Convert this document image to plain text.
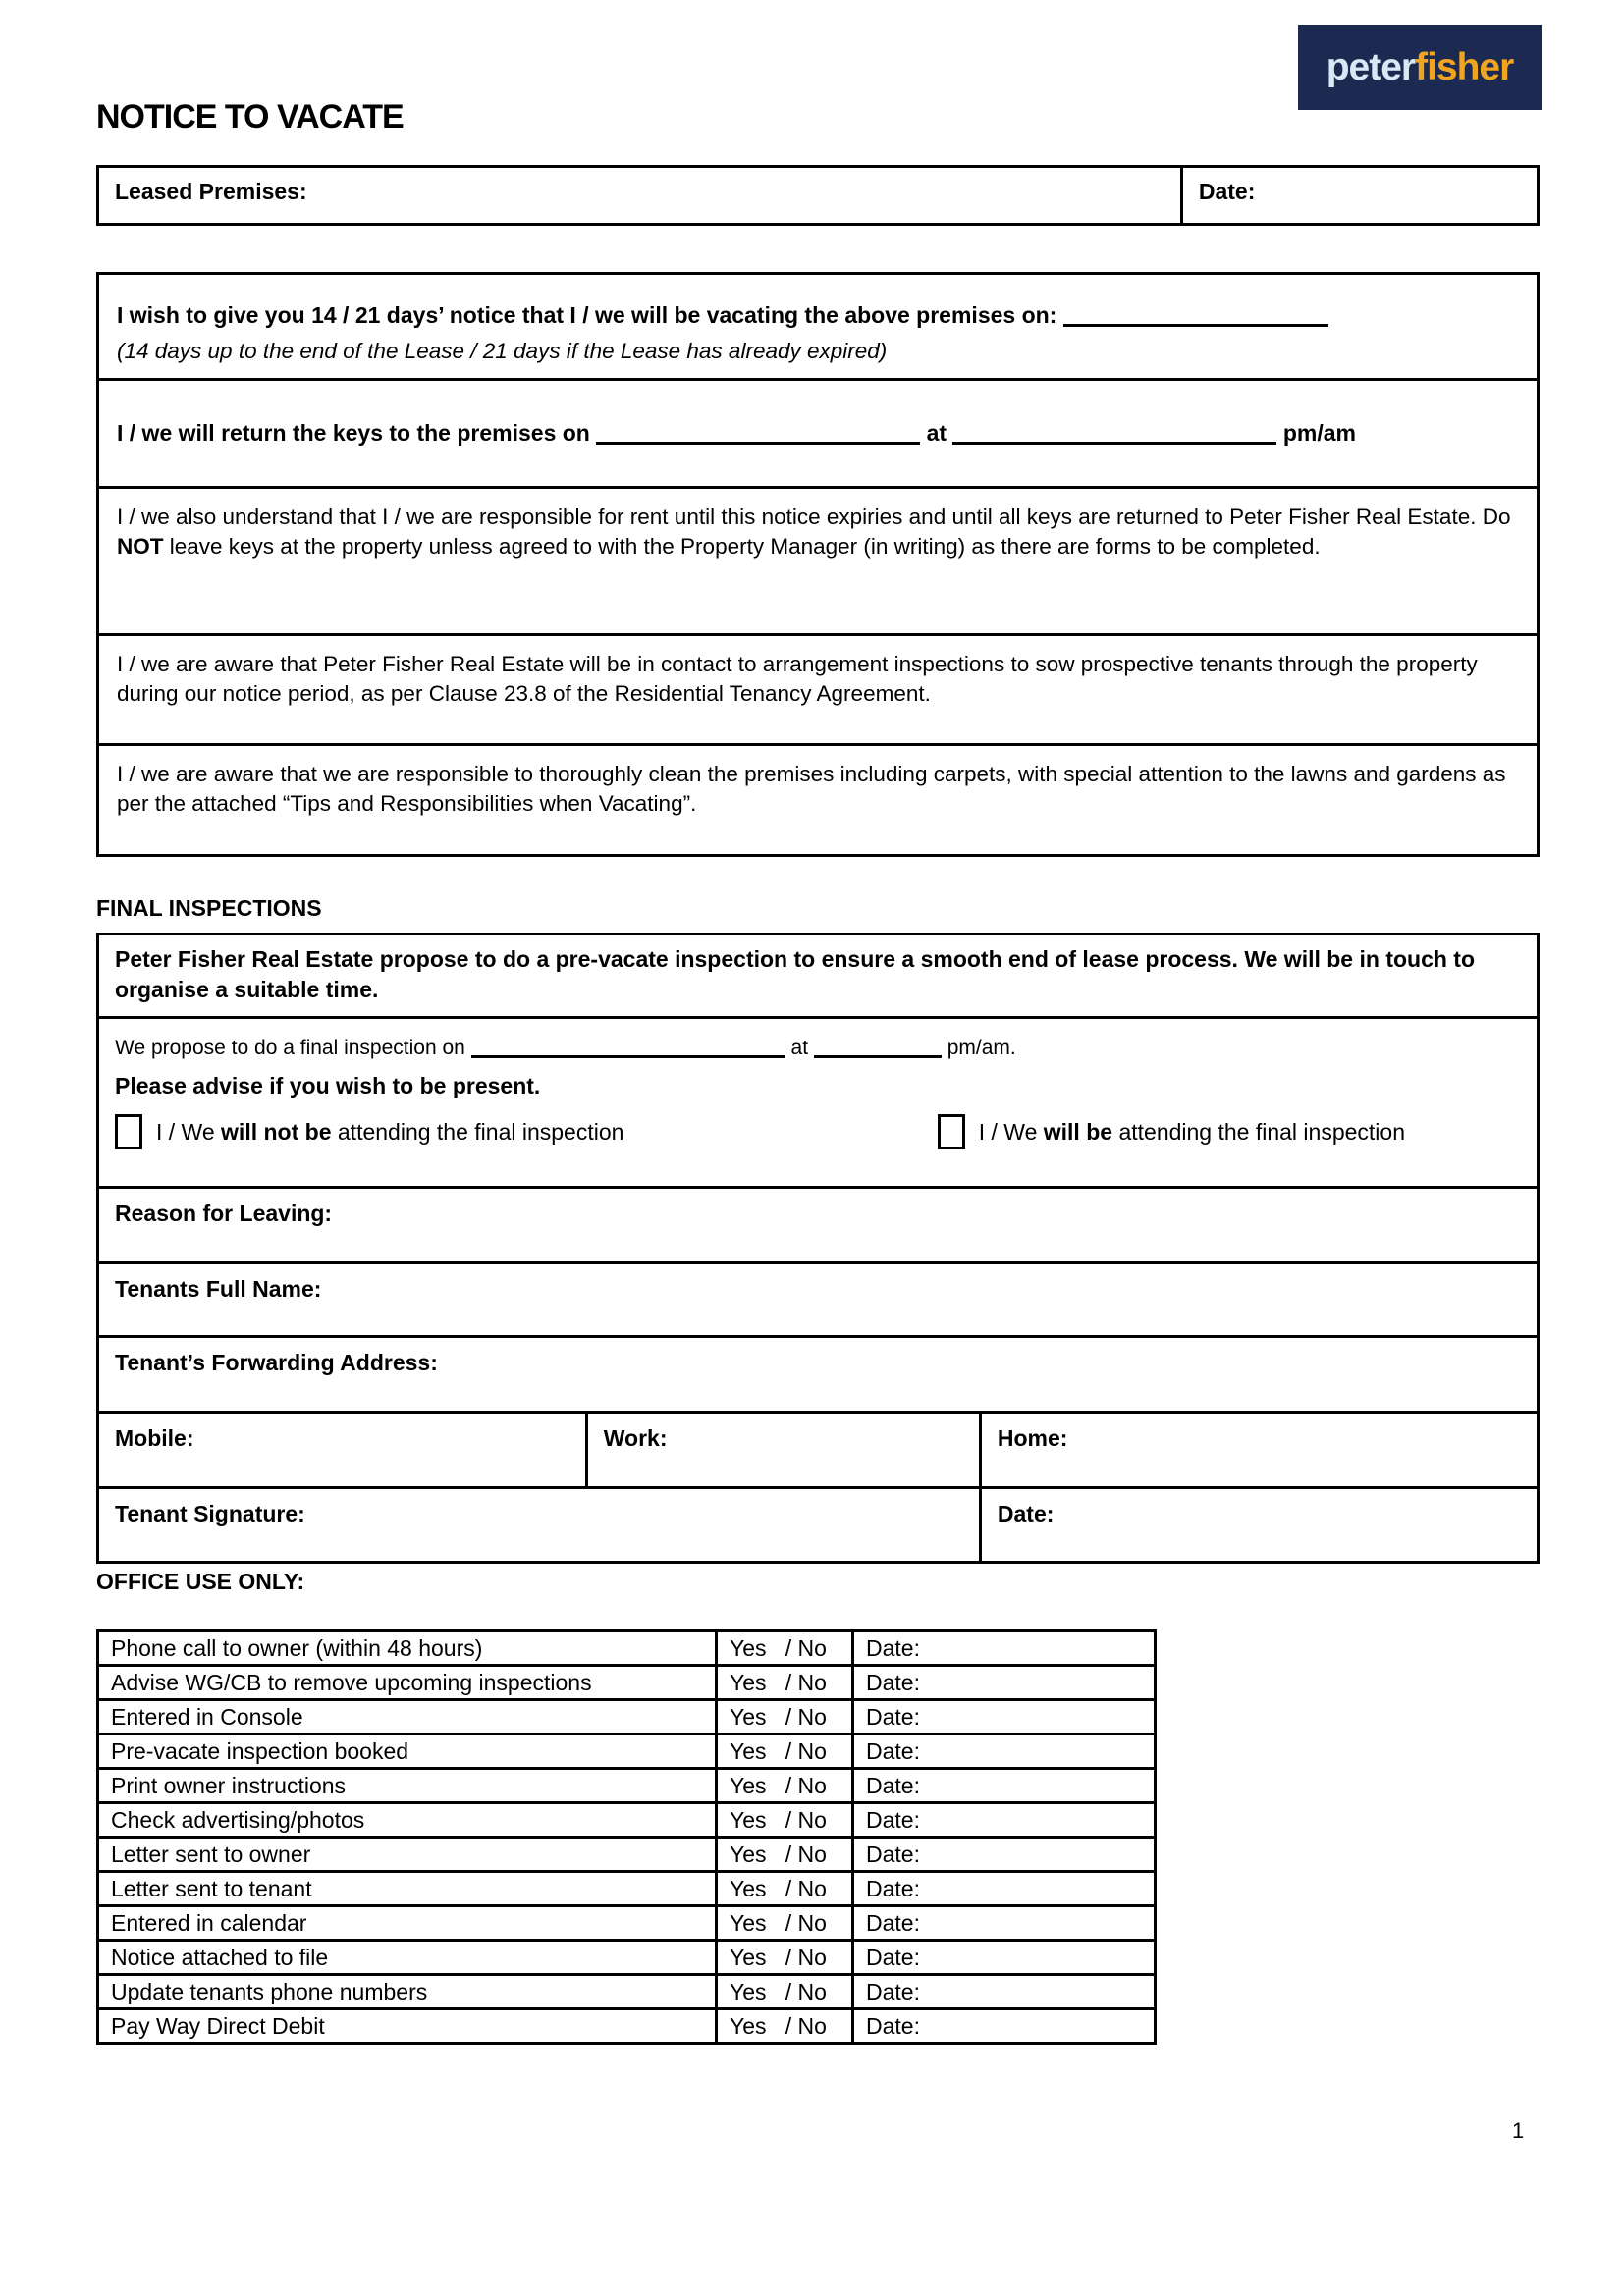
NOTICE TO VACATE
peter fisher
Leased Premises:	Date:
I wish to give you 14 / 21 days’ notice that I / we will be vacating the above premises on:
(14 days up to the end of the Lease / 21 days if the Lease has already expired)
I / we will return the keys to the premises on	at	pm/am
I / we also understand that I / we are responsible for rent until this notice expiries and until all keys are returned to Peter Fisher Real Estate. Do NOT leave keys at the property unless agreed to with the Property Manager (in writing) as there are forms to be completed.
I / we are aware that Peter Fisher Real Estate will be in contact to arrangement inspections to sow prospective tenants through the property during our notice period, as per Clause 23.8 of the Residential Tenancy Agreement.
I / we are aware that we are responsible to thoroughly clean the premises including carpets, with special attention to the lawns and gardens as per the attached “Tips and Responsibilities when Vacating”.
FINAL INSPECTIONS
Peter Fisher Real Estate propose to do a pre-vacate inspection to ensure a smooth end of lease process. We will be in touch to organise a suitable time.
We propose to do a final inspection on	at	pm/am.
Please advise if you wish to be present.
I / We will not be attending the final inspection	I / We will be attending the final inspection
Reason for Leaving:
Tenants Full Name:
Tenant’s Forwarding Address:
Mobile:	Work:	Home:
Tenant Signature:	Date:
OFFICE USE ONLY:
Phone call to owner (within 48 hours)	Yes   / No	Date:
Advise WG/CB to remove upcoming inspections	Yes   / No	Date:
Entered in Console	Yes   / No	Date:
Pre-vacate inspection booked	Yes   / No	Date:
Print owner instructions	Yes   / No	Date:
Check advertising/photos	Yes   / No	Date:
Letter sent to owner	Yes   / No	Date:
Letter sent to tenant	Yes   / No	Date:
Entered in calendar	Yes   / No	Date:
Notice attached to file	Yes   / No	Date:
Update tenants phone numbers	Yes   / No	Date:
Pay Way Direct Debit	Yes   / No	Date:
1
